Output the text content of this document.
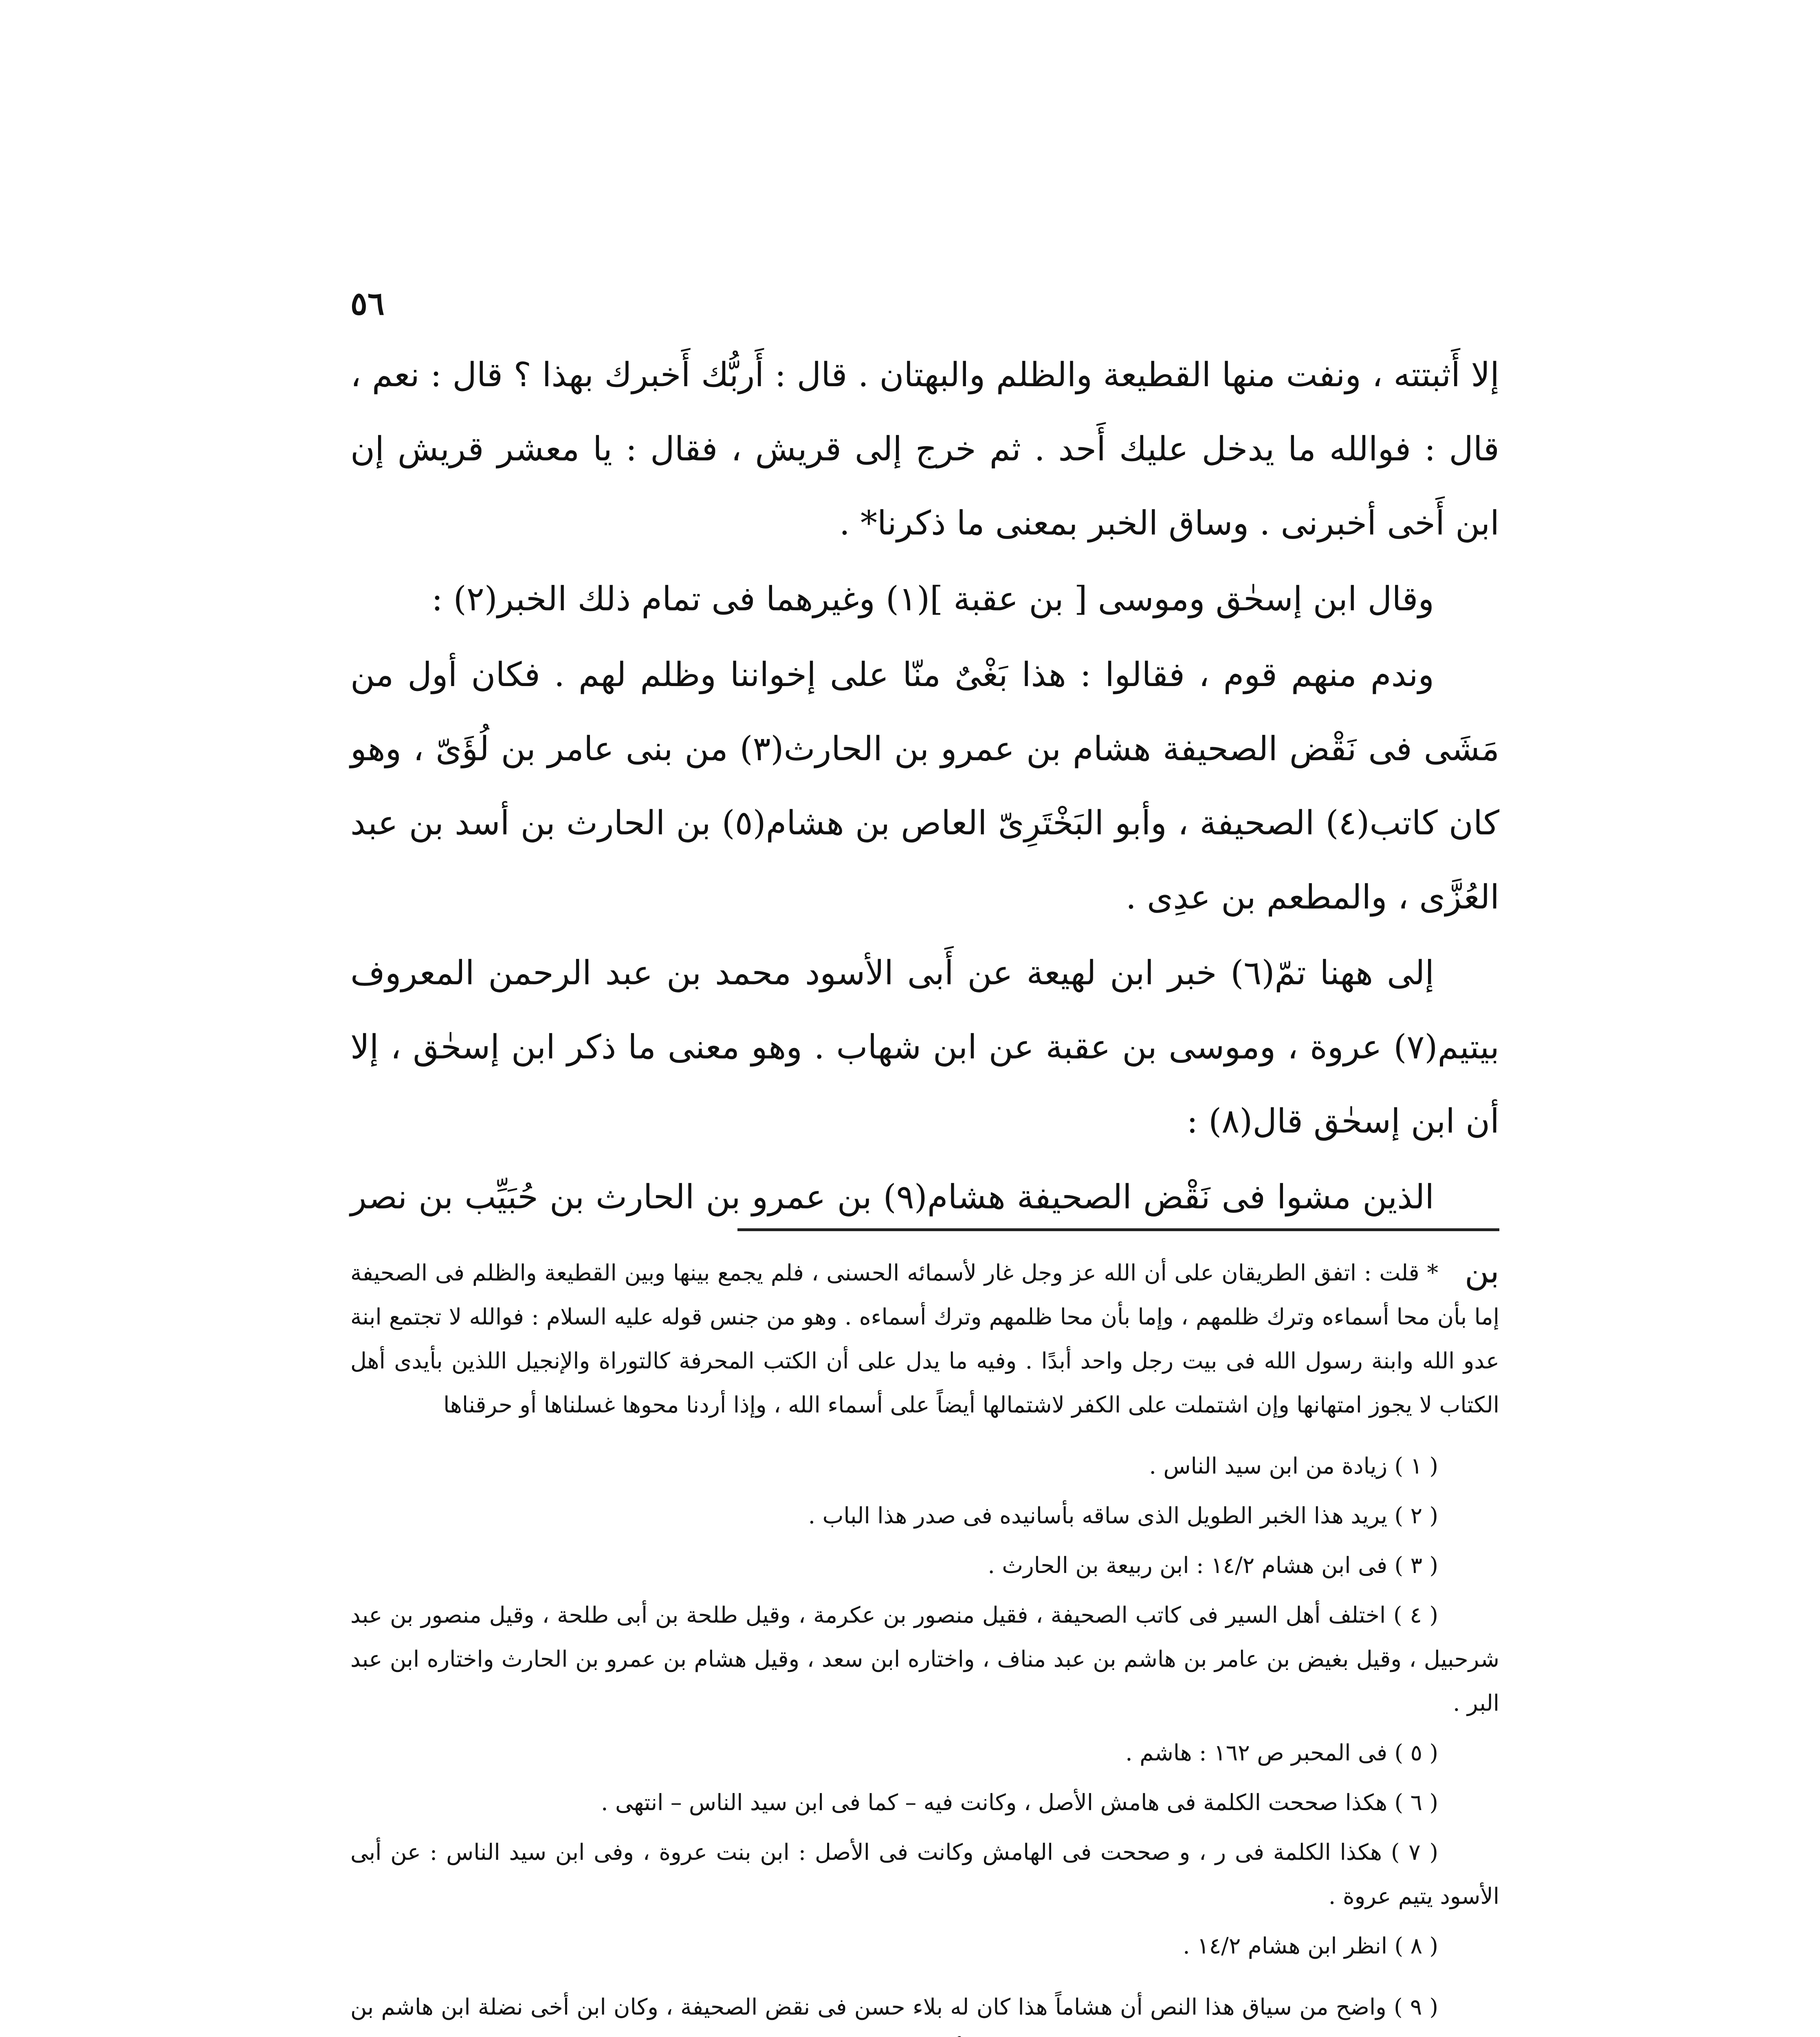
٥٦

إلا أَثبتته ، ونفت منها القطيعة والظلم والبهتان . قال : أَربُّك أَخبرك بهذا ؟ قال : نعم ، قال : فوالله ما يدخل عليك أَحد . ثم خرج إلى قريش ، فقال : يا معشر قريش إن ابن أَخى أخبرنى . وساق الخبر بمعنى ما ذكرنا* .

وقال ابن إسحٰق وموسى [ بن عقبة ](١) وغيرهما فى تمام ذلك الخبر(٢) :

وندم منهم قوم ، فقالوا : هذا بَغْىٌ منّا على إخواننا وظلم لهم . فكان أول من مَشَى فى نَقْض الصحيفة هشام بن عمرو بن الحارث(٣) من بنى عامر بن لُؤَىّ ، وهو كان كاتب(٤) الصحيفة ، وأبو البَخْتَرِىّ العاص بن هشام(٥) بن الحارث بن أسد بن عبد العُزَّى ، والمطعم بن عدِى .

إلى ههنا تمّ(٦) خبر ابن لهيعة عن أَبى الأسود محمد بن عبد الرحمن المعروف بيتيم(٧) عروة ، وموسى بن عقبة عن ابن شهاب . وهو معنى ما ذكر ابن إسحٰق ، إلا أن ابن إسحٰق قال(٨) :

الذين مشوا فى نَقْض الصحيفة هشام(٩) بن عمرو بن الحارث بن حُبَيِّب بن نصر بن

* قلت : اتفق الطريقان على أن الله عز وجل غار لأسمائه الحسنى ، فلم يجمع بينها وبين القطيعة والظلم فى الصحيفة إما بأن محا أسماءه وترك ظلمهم ، وإما بأن محا ظلمهم وترك أسماءه . وهو من جنس قوله عليه السلام : فوالله لا تجتمع ابنة عدو الله وابنة رسول الله فى بيت رجل واحد أبدًا . وفيه ما يدل على أن الكتب المحرفة كالتوراة والإنجيل اللذين بأيدى أهل الكتاب لا يجوز امتهانها وإن اشتملت على الكفر لاشتمالها أيضاً على أسماء الله ، وإذا أردنا محوها غسلناها أو حرقناها

( ١ ) زيادة من ابن سيد الناس .

( ٢ ) يريد هذا الخبر الطويل الذى ساقه بأسانيده فى صدر هذا الباب .

( ٣ ) فى ابن هشام ١٤/٢ : ابن ربيعة بن الحارث .

( ٤ ) اختلف أهل السير فى كاتب الصحيفة ، فقيل منصور بن عكرمة ، وقيل طلحة بن أبى طلحة ، وقيل منصور بن عبد شرحبيل ، وقيل بغيض بن عامر بن هاشم بن عبد مناف ، واختاره ابن سعد ، وقيل هشام بن عمرو بن الحارث واختاره ابن عبد البر .

( ٥ ) فى المحبر ص ١٦٢ : هاشم .

( ٦ ) هكذا صححت الكلمة فى هامش الأصل ، وكانت فيه – كما فى ابن سيد الناس – انتهى .

( ٧ ) هكذا الكلمة فى ر ، و صححت فى الهامش وكانت فى الأصل : ابن بنت عروة ، وفى ابن سيد الناس : عن أبى الأسود يتيم عروة .

( ٨ ) انظر ابن هشام ١٤/٢ .

( ٩ ) واضح من سياق هذا النص أن هشاماً هذا كان له بلاء حسن فى نقض الصحيفة ، وكان ابن أخى نضلة ابن هاشم بن
